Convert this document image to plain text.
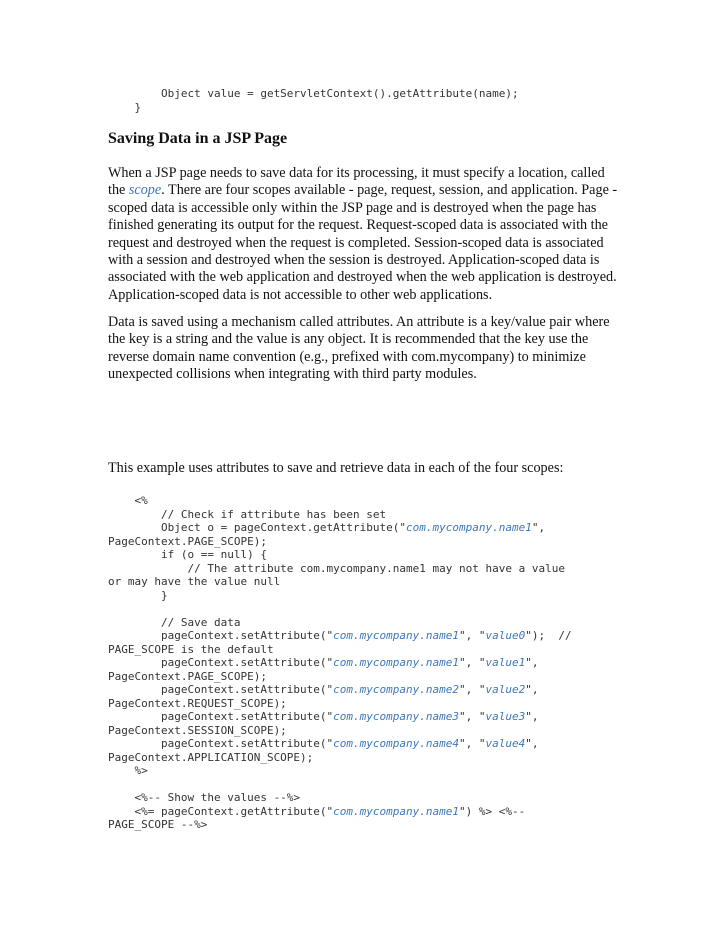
Object value = getServletContext().getAttribute(name);
}
Saving Data in a JSP Page

When a JSP page needs to save data for its processing, it must specify a location, called
the scope. There are four scopes available - page, request, session, and application. Page -
scoped data is accessible only within the JSP page and is destroyed when the page has
finished generating its output for the request. Request-scoped data is associated with the
request and destroyed when the request is completed. Session-scoped data is associated
with a session and destroyed when the session is destroyed. Application-scoped data is
associated with the web application and destroyed when the web application is destroyed.
Application-scoped data is not accessible to other web applications.

Data is saved using a mechanism called attributes. An attribute is a key/value pair where
the key is a string and the value is any object. It is recommended that the key use the
reverse domain name convention (e.g., prefixed with com.mycompany) to minimize
unexpected collisions when integrating with third party modules.

This example uses attributes to save and retrieve data in each of the four scopes:

<%
// Check if attribute has been set
Object o = pageContext.getAttribute("com.mycompany.name1",
PageContext.PAGE_SCOPE);
if (o == null) {
// The attribute com.mycompany.name1 may not have a value
or may have the value null
}

// Save data
pageContext.setAttribute("com.mycompany.name1", "value0");  //
PAGE_SCOPE is the default
pageContext.setAttribute("com.mycompany.name1", "value1",
PageContext.PAGE_SCOPE);
pageContext.setAttribute("com.mycompany.name2", "value2",
PageContext.REQUEST_SCOPE);
pageContext.setAttribute("com.mycompany.name3", "value3",
PageContext.SESSION_SCOPE);
pageContext.setAttribute("com.mycompany.name4", "value4",
PageContext.APPLICATION_SCOPE);
%>

<%-- Show the values --%>
<%= pageContext.getAttribute("com.mycompany.name1") %> <%--
PAGE_SCOPE --%>
